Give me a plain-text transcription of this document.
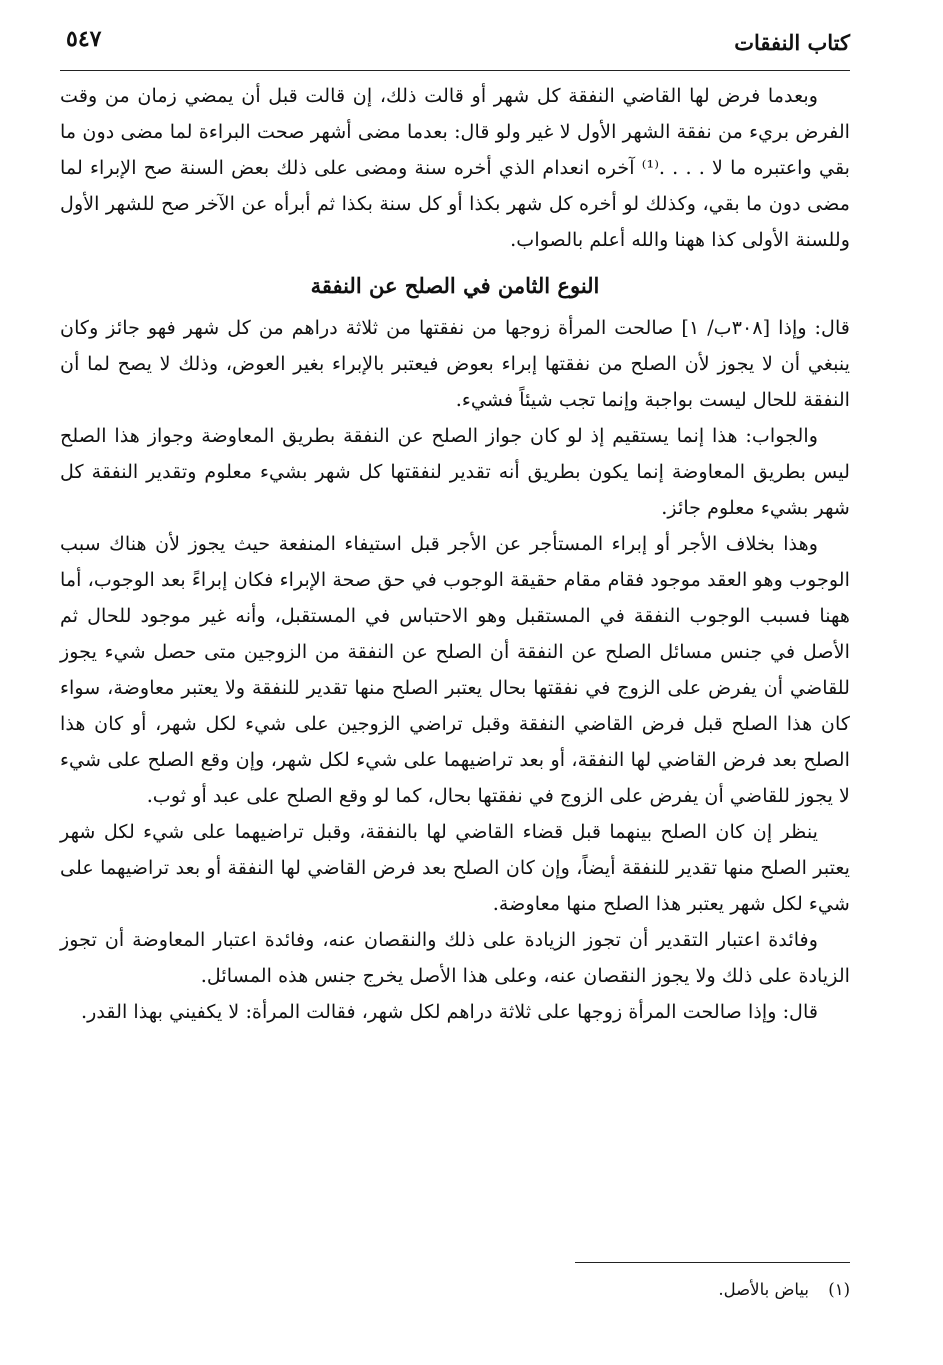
كتاب النفقات
٥٤٧

وبعدما فرض لها القاضي النفقة كل شهر أو قالت ذلك، إن قالت قبل أن يمضي زمان من وقت الفرض بريء من نفقة الشهر الأول لا غير ولو قال: بعدما مضى أشهر صحت البراءة لما مضى دون ما بقي واعتبره ما لا . . . .⁽¹⁾ آخره انعدام الذي أخره سنة ومضى على ذلك بعض السنة صح الإبراء لما مضى دون ما بقي، وكذلك لو أخره كل شهر بكذا أو كل سنة بكذا ثم أبرأه عن الآخر صح للشهر الأول وللسنة الأولى كذا ههنا والله أعلم بالصواب.

النوع الثامن في الصلح عن النفقة

قال: وإذا [٣٠٨ب/ ١] صالحت المرأة زوجها من نفقتها من ثلاثة دراهم من كل شهر فهو جائز وكان ينبغي أن لا يجوز لأن الصلح من نفقتها إبراء بعوض فيعتبر بالإبراء بغير العوض، وذلك لا يصح لما أن النفقة للحال ليست بواجبة وإنما تجب شيئاً فشيء.

والجواب: هذا إنما يستقيم إذ لو كان جواز الصلح عن النفقة بطريق المعاوضة وجواز هذا الصلح ليس بطريق المعاوضة إنما يكون بطريق أنه تقدير لنفقتها كل شهر بشيء معلوم وتقدير النفقة كل شهر بشيء معلوم جائز.

وهذا بخلاف الأجر أو إبراء المستأجر عن الأجر قبل استيفاء المنفعة حيث يجوز لأن هناك سبب الوجوب وهو العقد موجود فقام مقام حقيقة الوجوب في حق صحة الإبراء فكان إبراءً بعد الوجوب، أما ههنا فسبب الوجوب النفقة في المستقبل وهو الاحتباس في المستقبل، وأنه غير موجود للحال ثم الأصل في جنس مسائل الصلح عن النفقة أن الصلح عن النفقة من الزوجين متى حصل شيء يجوز للقاضي أن يفرض على الزوج في نفقتها بحال يعتبر الصلح منها تقدير للنفقة ولا يعتبر معاوضة، سواء كان هذا الصلح قبل فرض القاضي النفقة وقبل تراضي الزوجين على شيء لكل شهر، أو كان هذا الصلح بعد فرض القاضي لها النفقة، أو بعد تراضيهما على شيء لكل شهر، وإن وقع الصلح على شيء لا يجوز للقاضي أن يفرض على الزوج في نفقتها بحال، كما لو وقع الصلح على عبد أو ثوب.

ينظر إن كان الصلح بينهما قبل قضاء القاضي لها بالنفقة، وقبل تراضيهما على شيء لكل شهر يعتبر الصلح منها تقدير للنفقة أيضاً، وإن كان الصلح بعد فرض القاضي لها النفقة أو بعد تراضيهما على شيء لكل شهر يعتبر هذا الصلح منها معاوضة.

وفائدة اعتبار التقدير أن تجوز الزيادة على ذلك والنقصان عنه، وفائدة اعتبار المعاوضة أن تجوز الزيادة على ذلك ولا يجوز النقصان عنه، وعلى هذا الأصل يخرج جنس هذه المسائل.

قال: وإذا صالحت المرأة زوجها على ثلاثة دراهم لكل شهر، فقالت المرأة: لا يكفيني بهذا القدر.

(١) بياض بالأصل.
